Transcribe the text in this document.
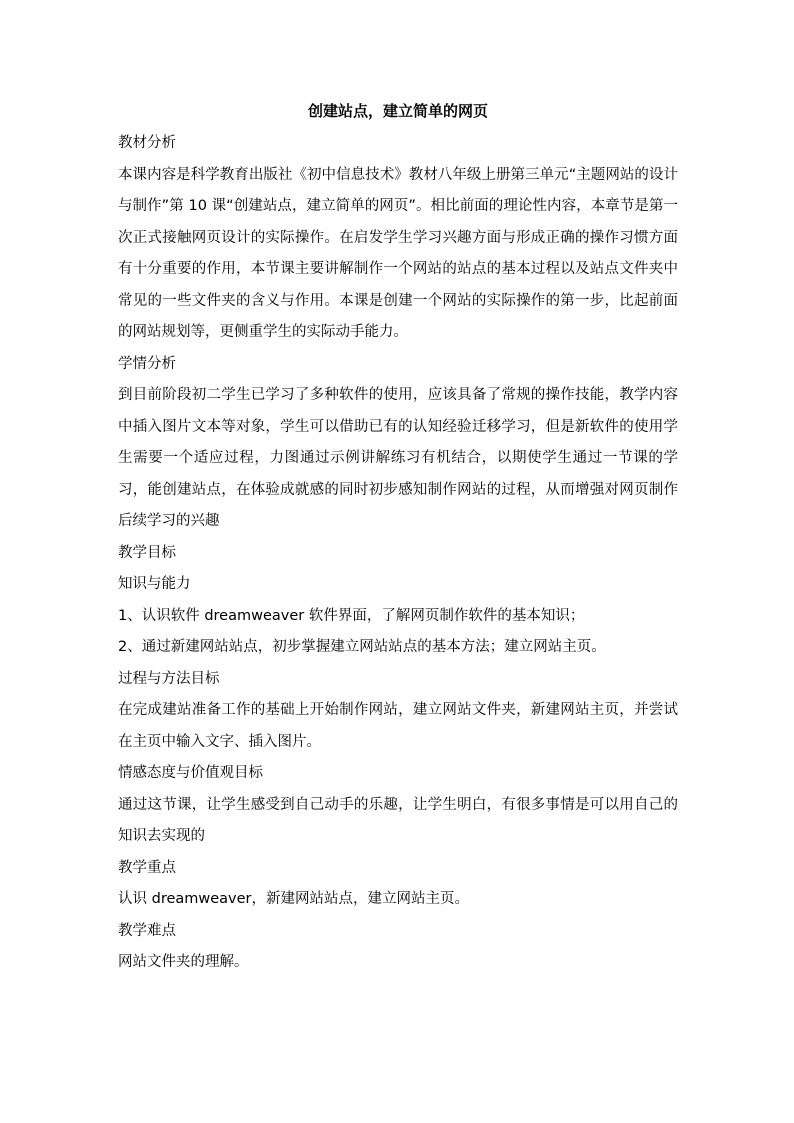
创建站点，建立简单的网页

教材分析

本课内容是科学教育出版社《初中信息技术》教材八年级上册第三单元“主题网站的设计与制作”第 10 课“创建站点，建立简单的网页”。相比前面的理论性内容，本章节是第一次正式接触网页设计的实际操作。在启发学生学习兴趣方面与形成正确的操作习惯方面有十分重要的作用，本节课主要讲解制作一个网站的站点的基本过程以及站点文件夹中常见的一些文件夹的含义与作用。本课是创建一个网站的实际操作的第一步，比起前面的网站规划等，更侧重学生的实际动手能力。

学情分析

到目前阶段初二学生已学习了多种软件的使用，应该具备了常规的操作技能，教学内容中插入图片文本等对象，学生可以借助已有的认知经验迁移学习，但是新软件的使用学生需要一个适应过程，力图通过示例讲解练习有机结合，以期使学生通过一节课的学习，能创建站点，在体验成就感的同时初步感知制作网站的过程，从而增强对网页制作后续学习的兴趣

教学目标

知识与能力

1、认识软件 dreamweaver 软件界面，了解网页制作软件的基本知识；

2、通过新建网站站点，初步掌握建立网站站点的基本方法；建立网站主页。

过程与方法目标

在完成建站准备工作的基础上开始制作网站，建立网站文件夹，新建网站主页，并尝试在主页中输入文字、插入图片。

情感态度与价值观目标

通过这节课，让学生感受到自己动手的乐趣，让学生明白，有很多事情是可以用自己的知识去实现的

教学重点

认识 dreamweaver，新建网站站点，建立网站主页。

教学难点

网站文件夹的理解。
